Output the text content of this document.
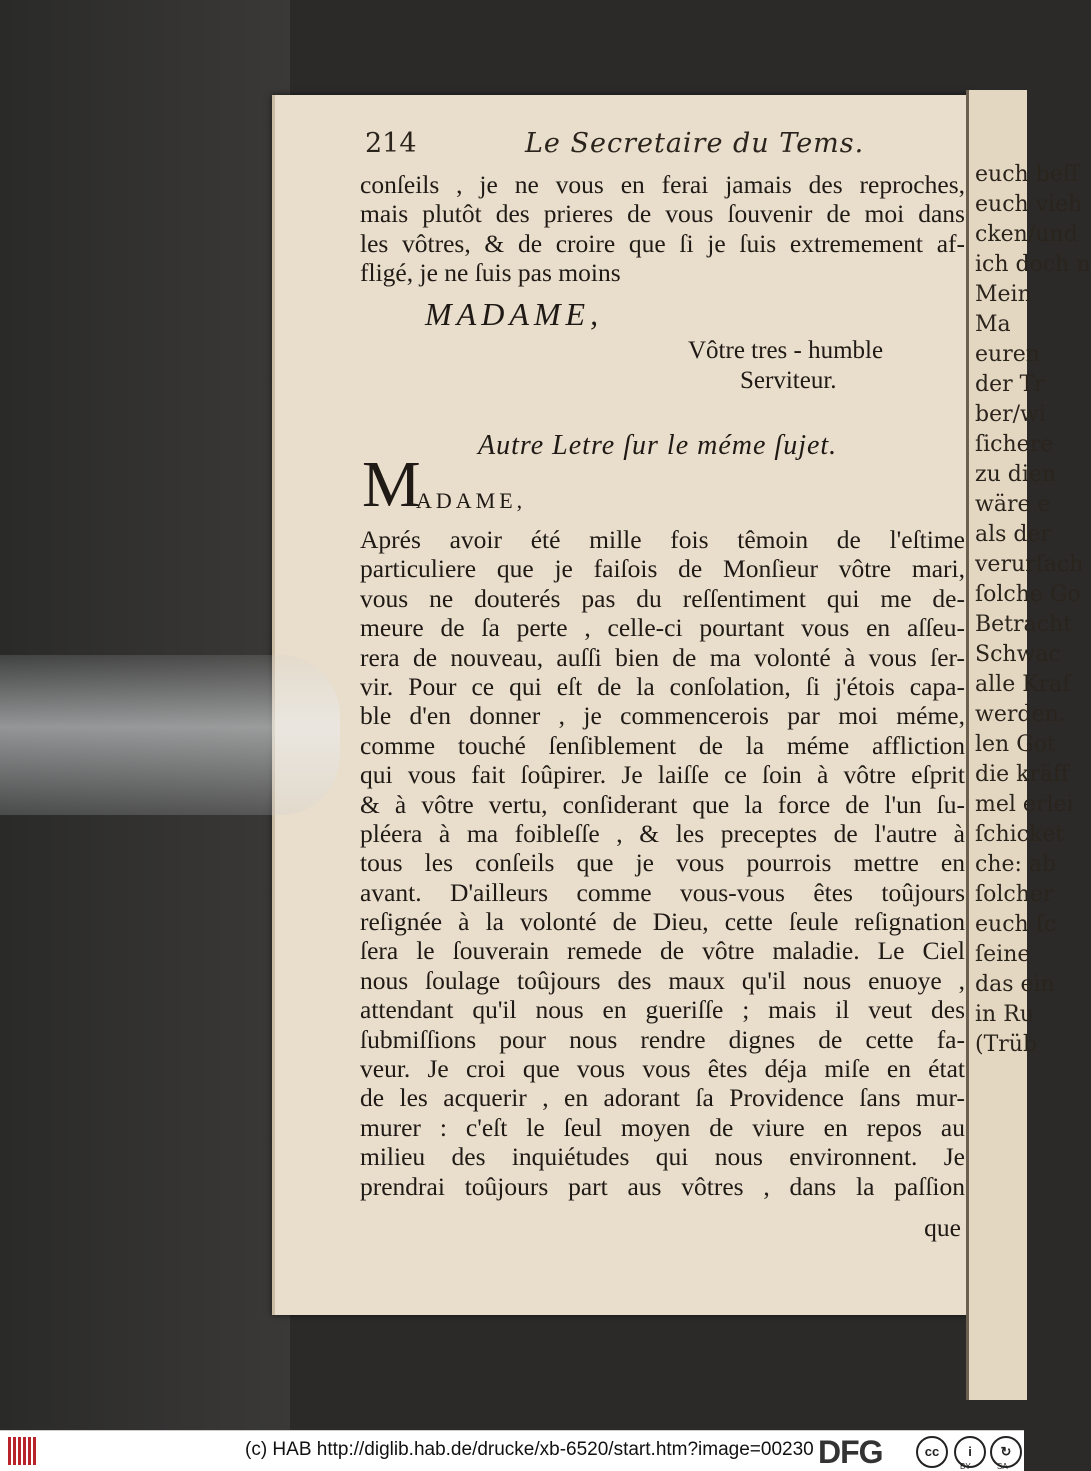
euch beſſ
euch vieh
cken/und
ich doch n
Mein
Ma
euren
der Tr
ber/wi
ſichere
zu dien
wäre e
als der
verurſach
ſolche Go
Betracht
Schwac
alle Kraf
werden.
len Got
die kräff
mel erlei
ſchicket
che: ab
ſolcher
euch ſc
ſeine
das ein
in Ru
(Trüb
214	Le Secretaire du Tems.
conſeils , je ne vous en ferai jamais des reproches,
mais plutôt des prieres de vous ſouvenir de moi dans
les vôtres, & de croire que ſi je ſuis extremement af-
fligé, je ne ſuis pas moins
MADAME,
Vôtre tres - humble
Serviteur.
Autre Letre ſur le méme ſujet.
M
ADAME,
Aprés avoir été mille fois têmoin de l'eſtime
particuliere que je faiſois de Monſieur vôtre mari,
vous ne douterés pas du reſſentiment qui me de-
meure de ſa perte , celle-ci pourtant vous en aſſeu-
rera de nouveau, auſſi bien de ma volonté à vous ſer-
vir. Pour ce qui eſt de la conſolation, ſi j'étois capa-
ble d'en donner , je commencerois par moi méme,
comme touché ſenſiblement de la méme affliction
qui vous fait ſoûpirer. Je laiſſe ce ſoin à vôtre eſprit
& à vôtre vertu, conſiderant que la force de l'un ſu-
pléera à ma foibleſſe , & les preceptes de l'autre à
tous les conſeils que je vous pourrois mettre en
avant. D'ailleurs comme vous-vous êtes toûjours
reſignée à la volonté de Dieu, cette ſeule reſignation
ſera le ſouverain remede de vôtre maladie. Le Ciel
nous ſoulage toûjours des maux qu'il nous enuoye ,
attendant qu'il nous en gueriſſe ; mais il veut des
ſubmiſſions pour nous rendre dignes de cette fa-
veur. Je croi que vous vous êtes déja miſe en état
de les acquerir , en adorant ſa Providence ſans mur-
murer : c'eſt le ſeul moyen de viure en repos au
milieu des inquiétudes qui nous environnent. Je
prendrai toûjours part aus vôtres , dans la paſſion
que
(c) HAB http://diglib.hab.de/drucke/xb-6520/start.htm?image=00230 DFG	cc	i	↻
BY	SA
